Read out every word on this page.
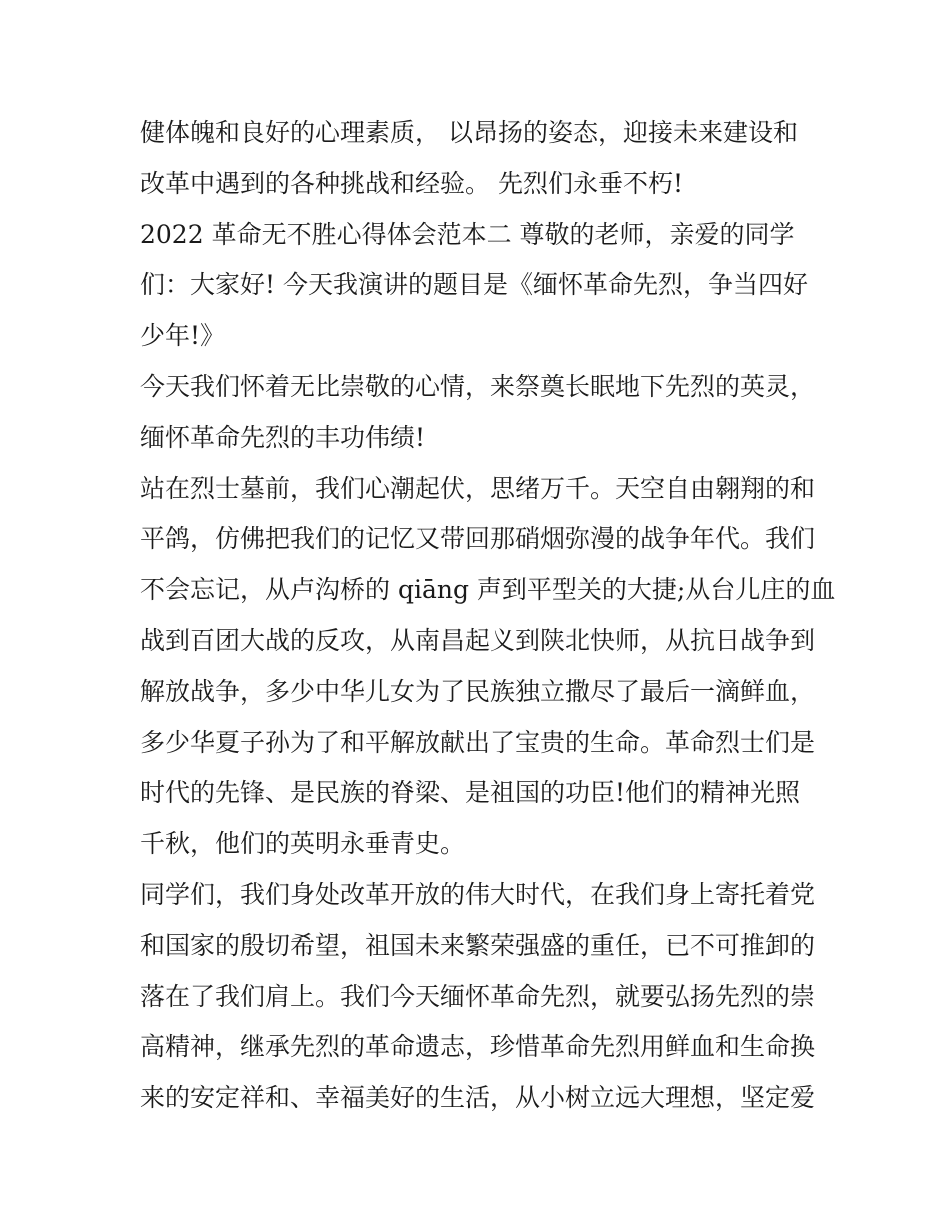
健体魄和良好的心理素质， 以昂扬的姿态，迎接未来建设和
改革中遇到的各种挑战和经验。 先烈们永垂不朽!
2022 革命无不胜心得体会范本二 尊敬的老师，亲爱的同学
们：大家好! 今天我演讲的题目是《缅怀革命先烈，争当四好
少年!》
今天我们怀着无比崇敬的心情，来祭奠长眠地下先烈的英灵，
缅怀革命先烈的丰功伟绩!
站在烈士墓前，我们心潮起伏，思绪万千。天空自由翱翔的和
平鸽，仿佛把我们的记忆又带回那硝烟弥漫的战争年代。我们
不会忘记，从卢沟桥的 qiāng 声到平型关的大捷;从台儿庄的血
战到百团大战的反攻，从南昌起义到陕北快师，从抗日战争到
解放战争，多少中华儿女为了民族独立撒尽了最后一滴鲜血，
多少华夏子孙为了和平解放献出了宝贵的生命。革命烈士们是
时代的先锋、是民族的脊梁、是祖国的功臣!他们的精神光照
千秋，他们的英明永垂青史。
同学们，我们身处改革开放的伟大时代，在我们身上寄托着党
和国家的殷切希望，祖国未来繁荣强盛的重任，已不可推卸的
落在了我们肩上。我们今天缅怀革命先烈，就要弘扬先烈的崇
高精神，继承先烈的革命遗志，珍惜革命先烈用鲜血和生命换
来的安定祥和、幸福美好的生活，从小树立远大理想，坚定爱
